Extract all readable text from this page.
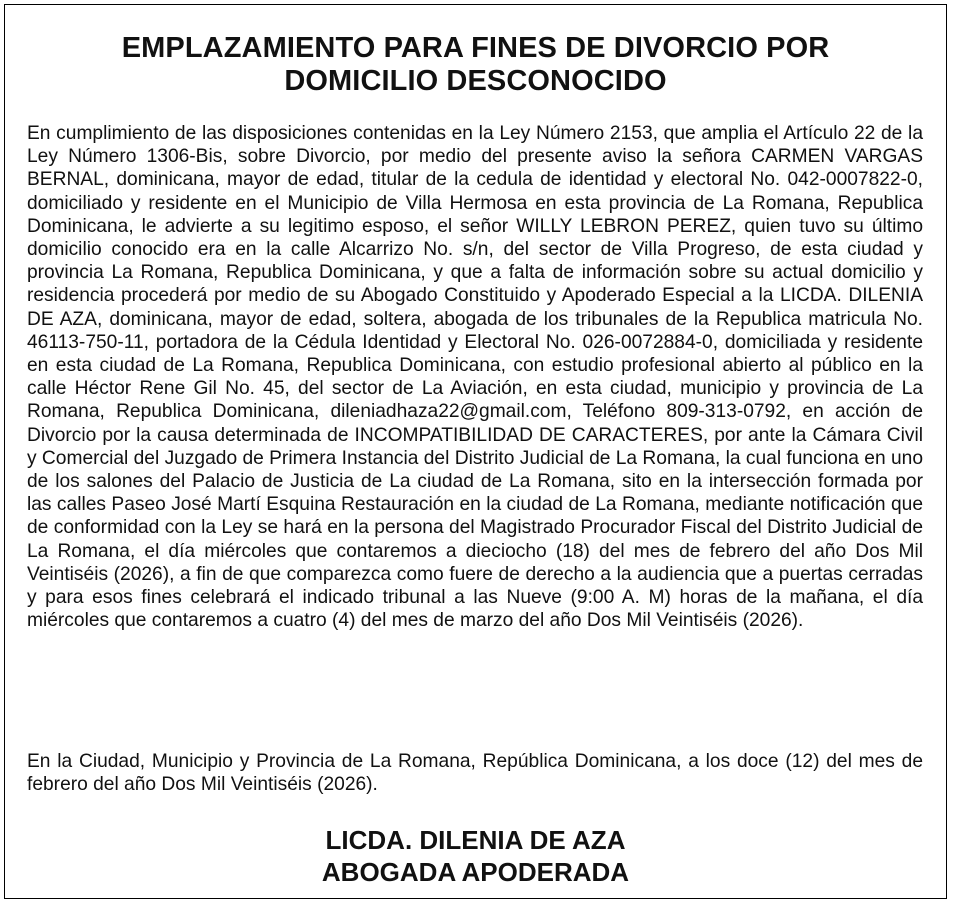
EMPLAZAMIENTO PARA FINES DE DIVORCIO POR
DOMICILIO DESCONOCIDO

En cumplimiento de las disposiciones contenidas en la Ley Número 2153, que amplia el Artículo 22 de la Ley Número 1306-Bis, sobre Divorcio, por medio del presente aviso la señora CARMEN VARGAS BERNAL, dominicana, mayor de edad, titular de la cedula de identidad y electoral No. 042-0007822-0, domiciliado y residente en el Municipio de Villa Hermosa en esta provincia de La Romana, Republica Dominicana, le advierte a su legitimo esposo, el señor WILLY LEBRON PEREZ, quien tuvo su último domicilio conocido era en la calle Alcarrizo No. s/n, del sector de Villa Progreso, de esta ciudad y provincia La Romana, Republica Dominicana, y que a falta de información sobre su actual domicilio y residencia procederá por medio de su Abogado Constituido y Apoderado Especial a la LICDA. DILENIA DE AZA, dominicana, mayor de edad, soltera, abogada de los tribunales de la Republica matricula No. 46113-750-11, portadora de la Cédula Identidad y Electoral No. 026-0072884-0, domiciliada y residente en esta ciudad de La Romana, Republica Dominicana, con estudio profesional abierto al público en la calle Héctor Rene Gil No. 45, del sector de La Aviación, en esta ciudad, municipio y provincia de La Romana, Republica Dominicana, dileniadhaza22@gmail.com, Teléfono 809-313-0792, en acción de Divorcio por la causa determinada de INCOMPATIBILIDAD DE CARACTERES, por ante la Cámara Civil y Comercial del Juzgado de Primera Instancia del Distrito Judicial de La Romana, la cual funciona en uno de los salones del Palacio de Justicia de La ciudad de La Romana, sito en la intersección formada por las calles Paseo José Martí Esquina Restauración en la ciudad de La Romana, mediante notificación que de conformidad con la Ley se hará en la persona del Magistrado Procurador Fiscal del Distrito Judicial de La Romana, el día miércoles que contaremos a dieciocho (18) del mes de febrero del año Dos Mil Veintiséis (2026), a fin de que comparezca como fuere de derecho a la audiencia que a puertas cerradas y para esos fines celebrará el indicado tribunal a las Nueve (9:00 A. M) horas de la mañana, el día miércoles que contaremos a cuatro (4) del mes de marzo del año Dos Mil Veintiséis (2026).

En la Ciudad, Municipio y Provincia de La Romana, República Dominicana, a los doce (12) del mes de febrero del año Dos Mil Veintiséis (2026).

LICDA. DILENIA DE AZA
ABOGADA APODERADA
